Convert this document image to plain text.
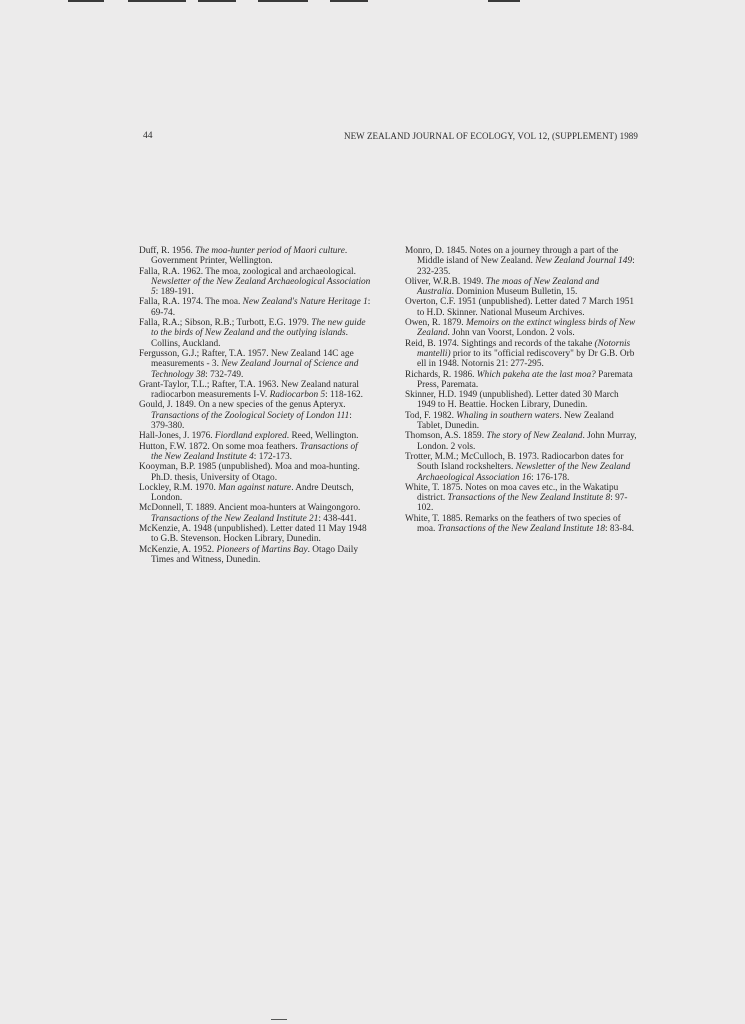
44	NEW ZEALAND JOURNAL OF ECOLOGY, VOL 12, (SUPPLEMENT) 1989

Duff, R. 1956. The moa-hunter period of Maori culture. Government Printer, Wellington.

Falla, R.A. 1962. The moa, zoological and archaeological. Newsletter of the New Zealand Archaeological Association 5: 189-191.

Falla, R.A. 1974. The moa. New Zealand's Nature Heritage 1: 69-74.

Falla, R.A.; Sibson, R.B.; Turbott, E.G. 1979. The new guide to the birds of New Zealand and the outlying islands. Collins, Auckland.

Fergusson, G.J.; Rafter, T.A. 1957. New Zealand 14C age measurements - 3. New Zealand Journal of Science and Technology 38: 732-749.

Grant-Taylor, T.L.; Rafter, T.A. 1963. New Zealand natural radiocarbon measurements I-V. Radiocarbon 5: 118-162.

Gould, J. 1849. On a new species of the genus Apteryx. Transactions of the Zoological Society of London 111: 379-380.

Hall-Jones, J. 1976. Fiordland explored. Reed, Wellington.

Hutton, F.W. 1872. On some moa feathers. Transactions of the New Zealand Institute 4: 172-173.

Kooyman, B.P. 1985 (unpublished). Moa and moa-hunting. Ph.D. thesis, University of Otago.

Lockley, R.M. 1970. Man against nature. Andre Deutsch, London.

McDonnell, T. 1889. Ancient moa-hunters at Waingongoro. Transactions of the New Zealand Institute 21: 438-441.

McKenzie, A. 1948 (unpublished). Letter dated 11 May 1948 to G.B. Stevenson. Hocken Library, Dunedin.

McKenzie, A. 1952. Pioneers of Martins Bay. Otago Daily Times and Witness, Dunedin.

Monro, D. 1845. Notes on a journey through a part of the Middle island of New Zealand. New Zealand Journal 149: 232-235.

Oliver, W.R.B. 1949. The moas of New Zealand and Australia. Dominion Museum Bulletin, 15.

Overton, C.F. 1951 (unpublished). Letter dated 7 March 1951 to H.D. Skinner. National Museum Archives.

Owen, R. 1879. Memoirs on the extinct wingless birds of New Zealand. John van Voorst, London. 2 vols.

Reid, B. 1974. Sightings and records of the takahe (Notornis mantelli) prior to its "official rediscovery" by Dr G.B. Orb ell in 1948. Notornis 21: 277-295.

Richards, R. 1986. Which pakeha ate the last moa? Paremata Press, Paremata.

Skinner, H.D. 1949 (unpublished). Letter dated 30 March 1949 to H. Beattie. Hocken Library, Dunedin.

Tod, F. 1982. Whaling in southern waters. New Zealand Tablet, Dunedin.

Thomson, A.S. 1859. The story of New Zealand. John Murray, London. 2 vols.

Trotter, M.M.; McCulloch, B. 1973. Radiocarbon dates for South Island rockshelters. Newsletter of the New Zealand Archaeological Association 16: 176-178.

White, T. 1875. Notes on moa caves etc., in the Wakatipu district. Transactions of the New Zealand Institute 8: 97-102.

White, T. 1885. Remarks on the feathers of two species of moa. Transactions of the New Zealand Institute 18: 83-84.
